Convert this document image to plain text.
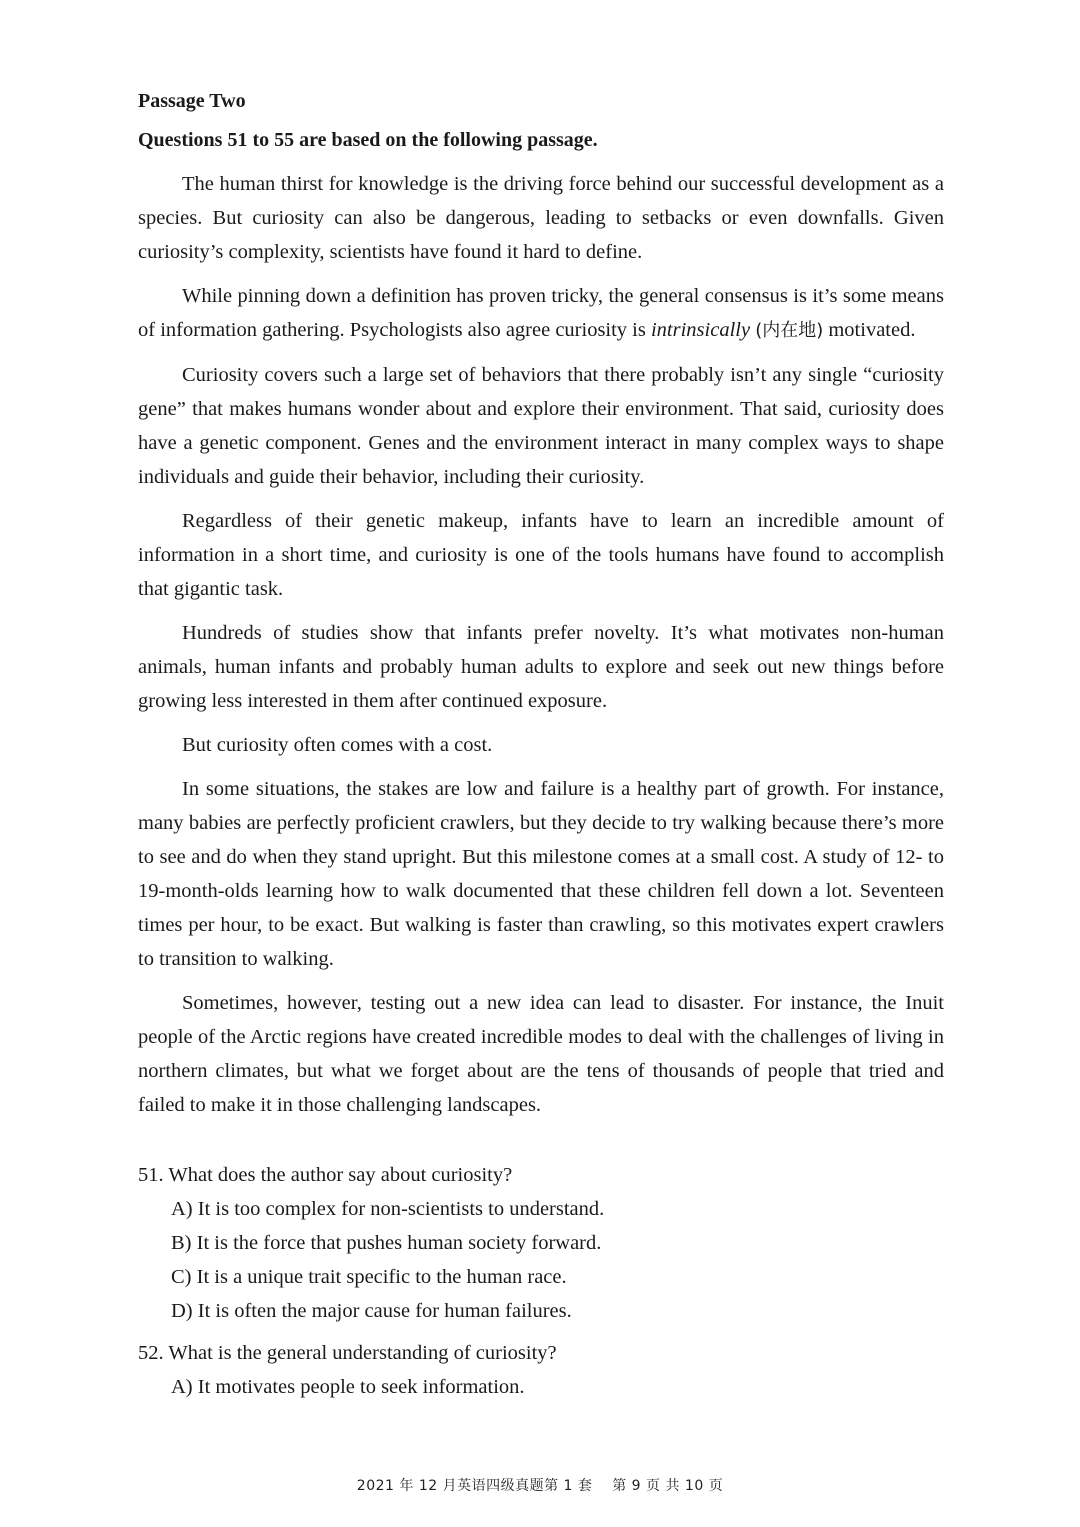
Passage Two

Questions 51 to 55 are based on the following passage.

The human thirst for knowledge is the driving force behind our successful development as a species. But curiosity can also be dangerous, leading to setbacks or even downfalls. Given curiosity’s complexity, scientists have found it hard to define.

While pinning down a definition has proven tricky, the general consensus is it’s some means of information gathering. Psychologists also agree curiosity is intrinsically (内在地) motivated.

Curiosity covers such a large set of behaviors that there probably isn’t any single “curiosity gene” that makes humans wonder about and explore their environment. That said, curiosity does have a genetic component. Genes and the environment interact in many complex ways to shape individuals and guide their behavior, including their curiosity.

Regardless of their genetic makeup, infants have to learn an incredible amount of information in a short time, and curiosity is one of the tools humans have found to accomplish that gigantic task.

Hundreds of studies show that infants prefer novelty. It’s what motivates non-human animals, human infants and probably human adults to explore and seek out new things before growing less interested in them after continued exposure.

But curiosity often comes with a cost.

In some situations, the stakes are low and failure is a healthy part of growth. For instance, many babies are perfectly proficient crawlers, but they decide to try walking because there’s more to see and do when they stand upright. But this milestone comes at a small cost. A study of 12- to 19-month-olds learning how to walk documented that these children fell down a lot. Seventeen times per hour, to be exact. But walking is faster than crawling, so this motivates expert crawlers to transition to walking.

Sometimes, however, testing out a new idea can lead to disaster. For instance, the Inuit people of the Arctic regions have created incredible modes to deal with the challenges of living in northern climates, but what we forget about are the tens of thousands of people that tried and failed to make it in those challenging landscapes.

51. What does the author say about curiosity?

A) It is too complex for non-scientists to understand.

B) It is the force that pushes human society forward.

C) It is a unique trait specific to the human race.

D) It is often the major cause for human failures.

52. What is the general understanding of curiosity?

A) It motivates people to seek information.

2021 年 12 月英语四级真题第 1 套 第 9 页 共 10 页
